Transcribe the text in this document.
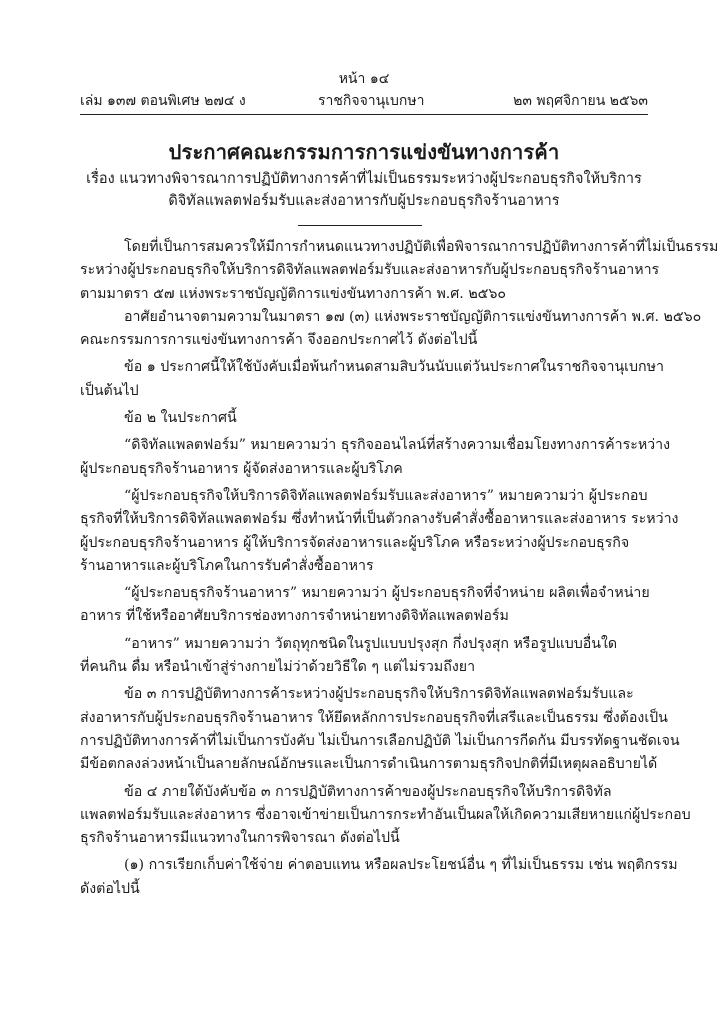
หน้า ๑๔
เล่ม ๑๓๗ ตอนพิเศษ ๒๗๔ ง	ราชกิจจานุเบกษา	๒๓ พฤศจิกายน ๒๕๖๓
ประกาศคณะกรรมการการแข่งขันทางการค้า
เรื่อง แนวทางพิจารณาการปฏิบัติทางการค้าที่ไม่เป็นธรรมระหว่างผู้ประกอบธุรกิจให้บริการ
ดิจิทัลแพลตฟอร์มรับและส่งอาหารกับผู้ประกอบธุรกิจร้านอาหาร
โดยที่เป็นการสมควรให้มีการกำหนดแนวทางปฏิบัติเพื่อพิจารณาการปฏิบัติทางการค้าที่ไม่เป็นธรรม
ระหว่างผู้ประกอบธุรกิจให้บริการดิจิทัลแพลตฟอร์มรับและส่งอาหารกับผู้ประกอบธุรกิจร้านอาหาร
ตามมาตรา ๕๗ แห่งพระราชบัญญัติการแข่งขันทางการค้า พ.ศ. ๒๕๖๐
อาศัยอำนาจตามความในมาตรา ๑๗ (๓) แห่งพระราชบัญญัติการแข่งขันทางการค้า พ.ศ. ๒๕๖๐
คณะกรรมการการแข่งขันทางการค้า จึงออกประกาศไว้ ดังต่อไปนี้
ข้อ ๑ ประกาศนี้ให้ใช้บังคับเมื่อพ้นกำหนดสามสิบวันนับแต่วันประกาศในราชกิจจานุเบกษา
เป็นต้นไป
ข้อ ๒ ในประกาศนี้
“ดิจิทัลแพลตฟอร์ม” หมายความว่า ธุรกิจออนไลน์ที่สร้างความเชื่อมโยงทางการค้าระหว่าง
ผู้ประกอบธุรกิจร้านอาหาร ผู้จัดส่งอาหารและผู้บริโภค
“ผู้ประกอบธุรกิจให้บริการดิจิทัลแพลตฟอร์มรับและส่งอาหาร” หมายความว่า ผู้ประกอบ
ธุรกิจที่ให้บริการดิจิทัลแพลตฟอร์ม ซึ่งทำหน้าที่เป็นตัวกลางรับคำสั่งซื้ออาหารและส่งอาหาร ระหว่าง
ผู้ประกอบธุรกิจร้านอาหาร ผู้ให้บริการจัดส่งอาหารและผู้บริโภค หรือระหว่างผู้ประกอบธุรกิจ
ร้านอาหารและผู้บริโภคในการรับคำสั่งซื้ออาหาร
“ผู้ประกอบธุรกิจร้านอาหาร” หมายความว่า ผู้ประกอบธุรกิจที่จำหน่าย ผลิตเพื่อจำหน่าย
อาหาร ที่ใช้หรืออาศัยบริการช่องทางการจำหน่ายทางดิจิทัลแพลตฟอร์ม
“อาหาร” หมายความว่า วัตถุทุกชนิดในรูปแบบปรุงสุก กึ่งปรุงสุก หรือรูปแบบอื่นใด
ที่คนกิน ดื่ม หรือนำเข้าสู่ร่างกายไม่ว่าด้วยวิธีใด ๆ แต่ไม่รวมถึงยา
ข้อ ๓ การปฏิบัติทางการค้าระหว่างผู้ประกอบธุรกิจให้บริการดิจิทัลแพลตฟอร์มรับและ
ส่งอาหารกับผู้ประกอบธุรกิจร้านอาหาร ให้ยึดหลักการประกอบธุรกิจที่เสรีและเป็นธรรม ซึ่งต้องเป็น
การปฏิบัติทางการค้าที่ไม่เป็นการบังคับ ไม่เป็นการเลือกปฏิบัติ ไม่เป็นการกีดกัน มีบรรทัดฐานชัดเจน
มีข้อตกลงล่วงหน้าเป็นลายลักษณ์อักษรและเป็นการดำเนินการตามธุรกิจปกติที่มีเหตุผลอธิบายได้
ข้อ ๔ ภายใต้บังคับข้อ ๓ การปฏิบัติทางการค้าของผู้ประกอบธุรกิจให้บริการดิจิทัล
แพลตฟอร์มรับและส่งอาหาร ซึ่งอาจเข้าข่ายเป็นการกระทำอันเป็นผลให้เกิดความเสียหายแก่ผู้ประกอบ
ธุรกิจร้านอาหารมีแนวทางในการพิจารณา ดังต่อไปนี้
(๑) การเรียกเก็บค่าใช้จ่าย ค่าตอบแทน หรือผลประโยชน์อื่น ๆ ที่ไม่เป็นธรรม เช่น พฤติกรรม
ดังต่อไปนี้
